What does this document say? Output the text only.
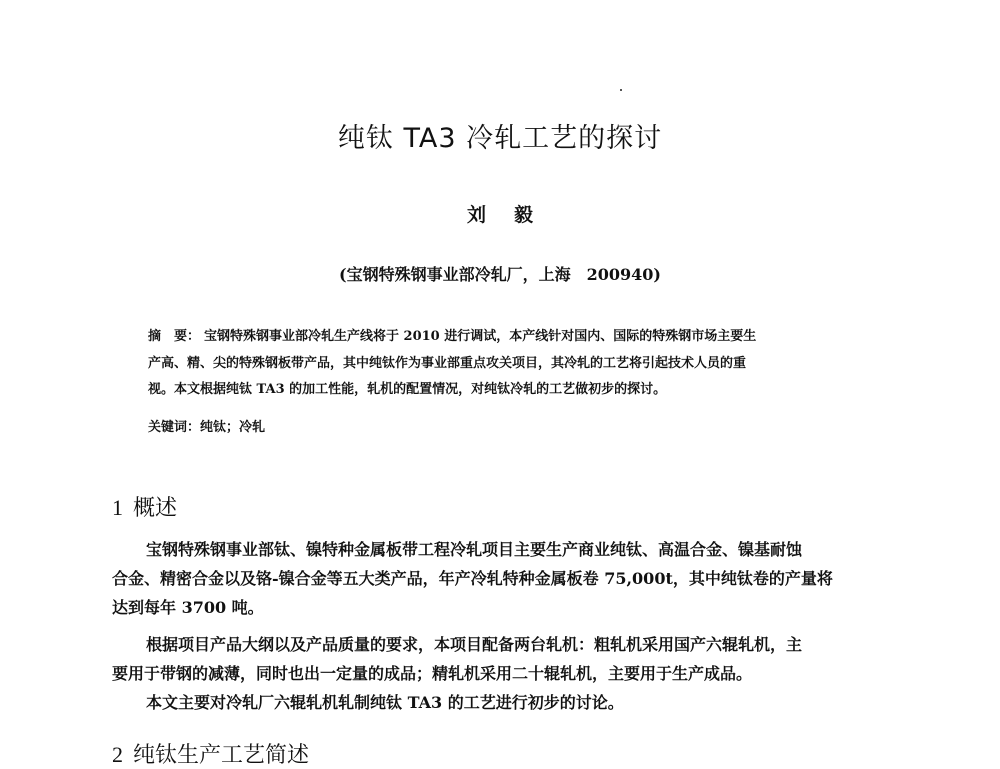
纯钛 TA3 冷轧工艺的探讨
刘毅
(宝钢特殊钢事业部冷轧厂，上海　200940)
摘　要： 宝钢特殊钢事业部冷轧生产线将于 2010 进行调试，本产线针对国内、国际的特殊钢市场主要生
产高、精、尖的特殊钢板带产品，其中纯钛作为事业部重点攻关项目，其冷轧的工艺将引起技术人员的重
视。本文根据纯钛 TA3 的加工性能，轧机的配置情况，对纯钛冷轧的工艺做初步的探讨。
关键词：纯钛；冷轧
1 概述
宝钢特殊钢事业部钛、镍特种金属板带工程冷轧项目主要生产商业纯钛、高温合金、镍基耐蚀
合金、精密合金以及铬-镍合金等五大类产品，年产冷轧特种金属板卷 75,000t，其中纯钛卷的产量将
达到每年 3700 吨。
根据项目产品大纲以及产品质量的要求，本项目配备两台轧机：粗轧机采用国产六辊轧机，主
要用于带钢的减薄，同时也出一定量的成品；精轧机采用二十辊轧机，主要用于生产成品。
本文主要对冷轧厂六辊轧机轧制纯钛 TA3 的工艺进行初步的讨论。
2 纯钛生产工艺简述
